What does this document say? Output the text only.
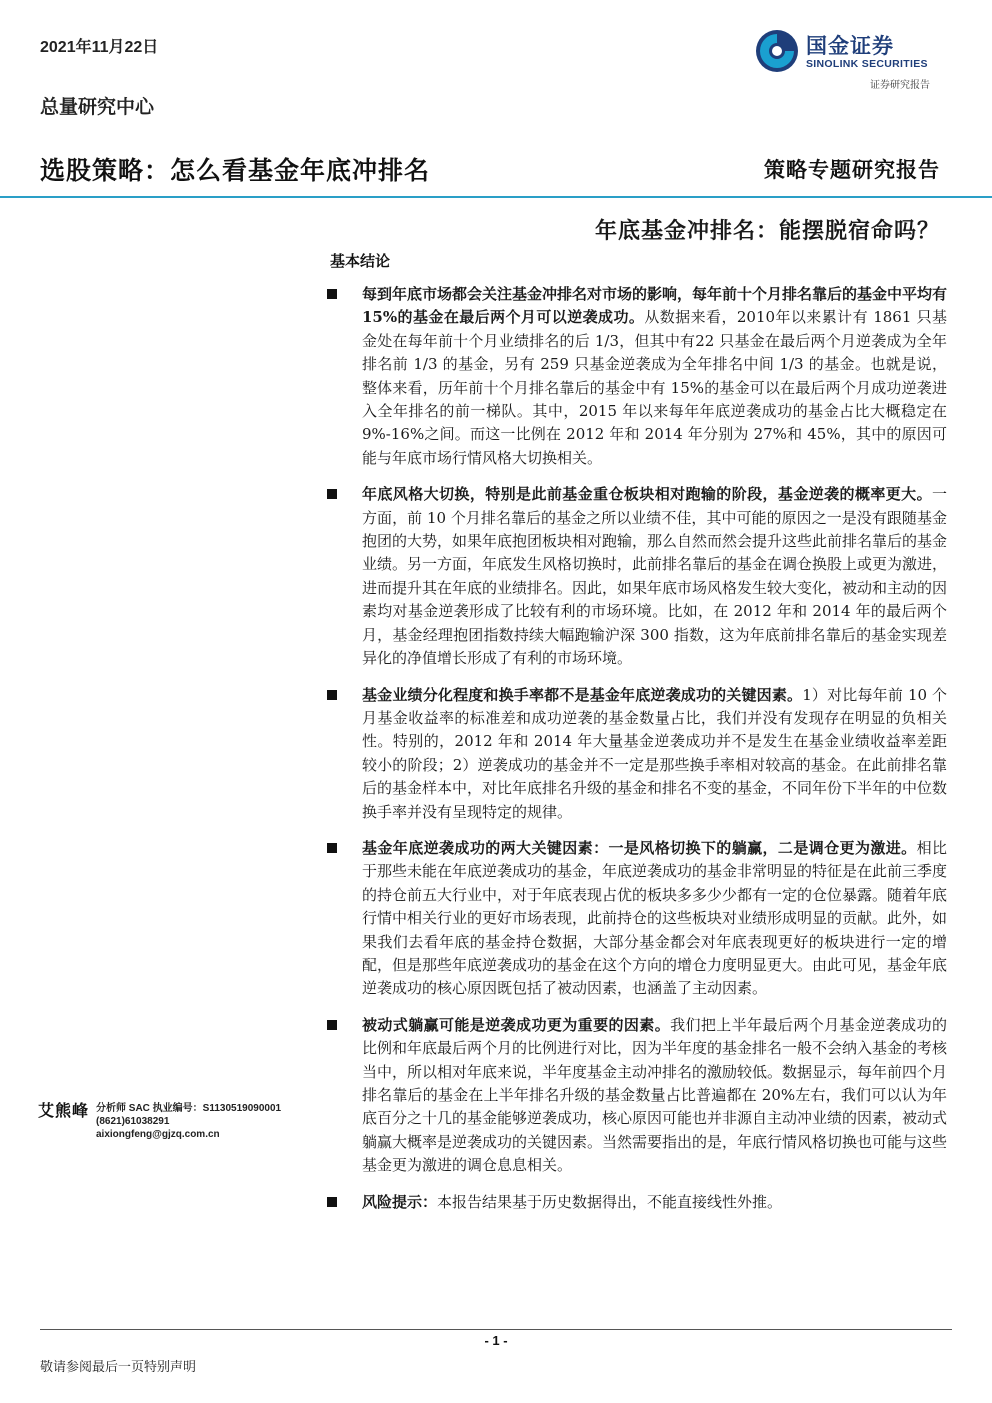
2021年11月22日
总量研究中心
国金证券
SINOLINK SECURITIES
证券研究报告
选股策略：怎么看基金年底冲排名	策略专题研究报告
年底基金冲排名：能摆脱宿命吗？
基本结论
每到年底市场都会关注基金冲排名对市场的影响，每年前十个月排名靠后的基金中平均有 15%的基金在最后两个月可以逆袭成功。从数据来看，2010年以来累计有 1861 只基金处在每年前十个月业绩排名的后 1/3，但其中有22 只基金在最后两个月逆袭成为全年排名前 1/3 的基金，另有 259 只基金逆袭成为全年排名中间 1/3 的基金。也就是说，整体来看，历年前十个月排名靠后的基金中有 15%的基金可以在最后两个月成功逆袭进入全年排名的前一梯队。其中，2015 年以来每年年底逆袭成功的基金占比大概稳定在 9%-16%之间。而这一比例在 2012 年和 2014 年分别为 27%和 45%，其中的原因可能与年底市场行情风格大切换相关。
年底风格大切换，特别是此前基金重仓板块相对跑输的阶段，基金逆袭的概率更大。一方面，前 10 个月排名靠后的基金之所以业绩不佳，其中可能的原因之一是没有跟随基金抱团的大势，如果年底抱团板块相对跑输，那么自然而然会提升这些此前排名靠后的基金业绩。另一方面，年底发生风格切换时，此前排名靠后的基金在调仓换股上或更为激进，进而提升其在年底的业绩排名。因此，如果年底市场风格发生较大变化，被动和主动的因素均对基金逆袭形成了比较有利的市场环境。比如，在 2012 年和 2014 年的最后两个月，基金经理抱团指数持续大幅跑输沪深 300 指数，这为年底前排名靠后的基金实现差异化的净值增长形成了有利的市场环境。
基金业绩分化程度和换手率都不是基金年底逆袭成功的关键因素。1）对比每年前 10 个月基金收益率的标准差和成功逆袭的基金数量占比，我们并没有发现存在明显的负相关性。特别的，2012 年和 2014 年大量基金逆袭成功并不是发生在基金业绩收益率差距较小的阶段；2）逆袭成功的基金并不一定是那些换手率相对较高的基金。在此前排名靠后的基金样本中，对比年底排名升级的基金和排名不变的基金，不同年份下半年的中位数换手率并没有呈现特定的规律。
基金年底逆袭成功的两大关键因素：一是风格切换下的躺赢，二是调仓更为激进。相比于那些未能在年底逆袭成功的基金，年底逆袭成功的基金非常明显的特征是在此前三季度的持仓前五大行业中，对于年底表现占优的板块多多少少都有一定的仓位暴露。随着年底行情中相关行业的更好市场表现，此前持仓的这些板块对业绩形成明显的贡献。此外，如果我们去看年底的基金持仓数据，大部分基金都会对年底表现更好的板块进行一定的增配，但是那些年底逆袭成功的基金在这个方向的增仓力度明显更大。由此可见，基金年底逆袭成功的核心原因既包括了被动因素，也涵盖了主动因素。
被动式躺赢可能是逆袭成功更为重要的因素。我们把上半年最后两个月基金逆袭成功的比例和年底最后两个月的比例进行对比，因为半年度的基金排名一般不会纳入基金的考核当中，所以相对年底来说，半年度基金主动冲排名的激励较低。数据显示，每年前四个月排名靠后的基金在上半年排名升级的基金数量占比普遍都在 20%左右，我们可以认为年底百分之十几的基金能够逆袭成功，核心原因可能也并非源自主动冲业绩的因素，被动式躺赢大概率是逆袭成功的关键因素。当然需要指出的是，年底行情风格切换也可能与这些基金更为激进的调仓息息相关。
风险提示：本报告结果基于历史数据得出，不能直接线性外推。
艾熊峰 分析师 SAC 执业编号：S1130519090001
(8621)61038291
aixiongfeng@gjzq.com.cn
- 1 -
敬请参阅最后一页特别声明
